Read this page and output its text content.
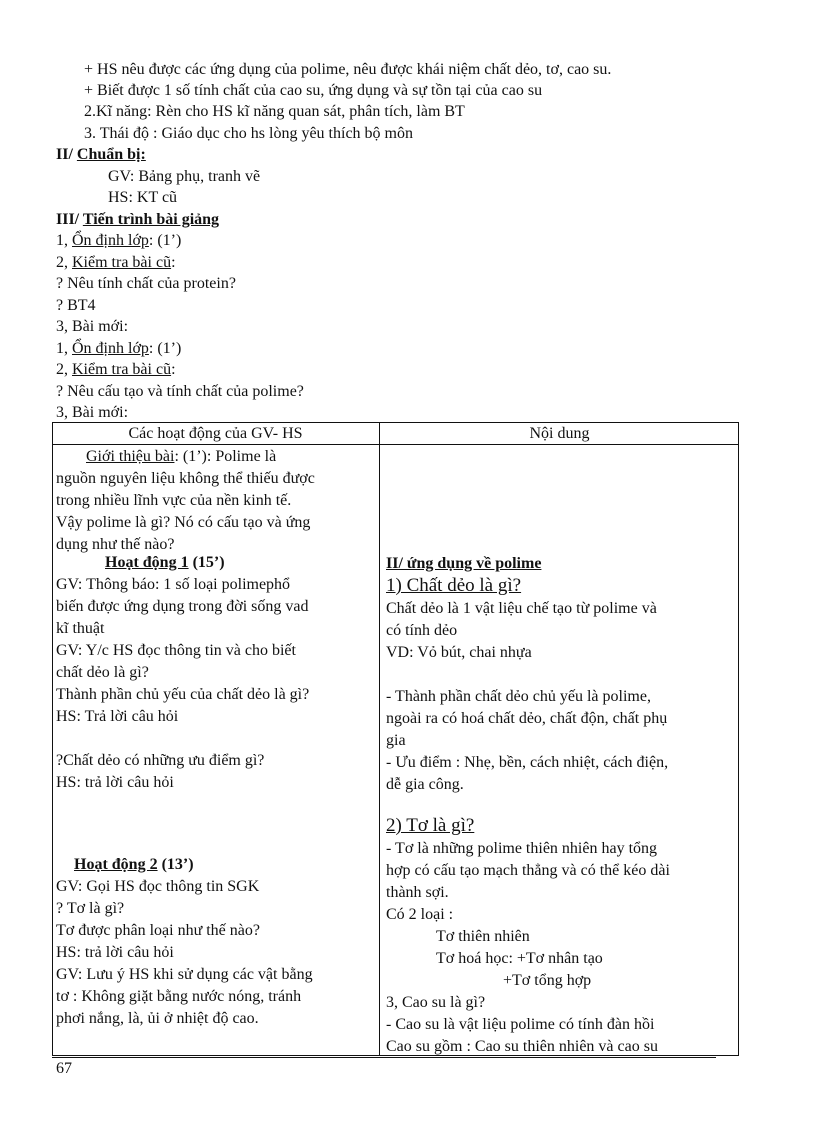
+ HS nêu được các ứng dụng của polime, nêu được khái niệm chất dẻo, tơ, cao su.
+ Biết được 1 số tính chất của cao su, ứng dụng và sự tồn tại của cao su
2.Kĩ năng: Rèn cho HS kĩ năng quan sát, phân tích, làm BT
3. Thái độ : Giáo dục cho hs lòng yêu thích bộ môn
II/ Chuẩn bị:
GV: Bảng phụ, tranh vẽ
HS: KT cũ
III/ Tiến trình bài giảng
1, Ổn định lớp: (1’)
2, Kiểm tra bài cũ:
? Nêu tính chất của protein?
? BT4
3, Bài mới:
1, Ổn định lớp: (1’)
2, Kiểm tra bài cũ:
? Nêu cấu tạo và tính chất của polime?
3, Bài mới:
Các hoạt động của GV- HS	Nội dung
Giới thiệu bài: (1’): Polime là
nguồn nguyên liệu không thể thiếu được
trong nhiều lĩnh vực của nền kinh tế.
Vậy polime là gì? Nó có cấu tạo và ứng
dụng như thế nào?
Hoạt động 1 (15’)
GV: Thông báo: 1 số loại polimephổ
biến được ứng dụng trong đời sống vad
kĩ thuật
GV: Y/c HS đọc thông tin và cho biết
chất dẻo là gì?
Thành phần chủ yếu của chất dẻo là gì?
HS: Trả lời câu hỏi

?Chất dẻo có những ưu điểm gì?
HS: trả lời câu hỏi
Hoạt động 2 (13’)
GV: Gọi HS đọc thông tin SGK
? Tơ là gì?
Tơ được phân loại như thế nào?
HS: trả lời câu hỏi
GV: Lưu ý HS khi sử dụng các vật bằng
tơ : Không giặt bằng nước nóng, tránh
phơi nắng, là, ủi ở nhiệt độ cao.
II/ ứng dụng về polime
1) Chất dẻo là gì?
Chất dẻo là 1 vật liệu chế tạo từ polime và
có tính dẻo
VD: Vỏ bút, chai nhựa

- Thành phần chất dẻo chủ yếu là polime,
ngoài ra có hoá chất dẻo, chất độn, chất phụ
gia
- Ưu điểm : Nhẹ, bền, cách nhiệt, cách điện,
dễ gia công.
2) Tơ là gì?
- Tơ là những polime thiên nhiên hay tổng
hợp có cấu tạo mạch thẳng và có thể kéo dài
thành sợi.
Có 2 loại :
Tơ thiên nhiên
Tơ hoá học: +Tơ nhân tạo
+Tơ tổng hợp
3, Cao su là gì?
- Cao su là vật liệu polime có tính đàn hồi
Cao su gồm : Cao su thiên nhiên và cao su
67
